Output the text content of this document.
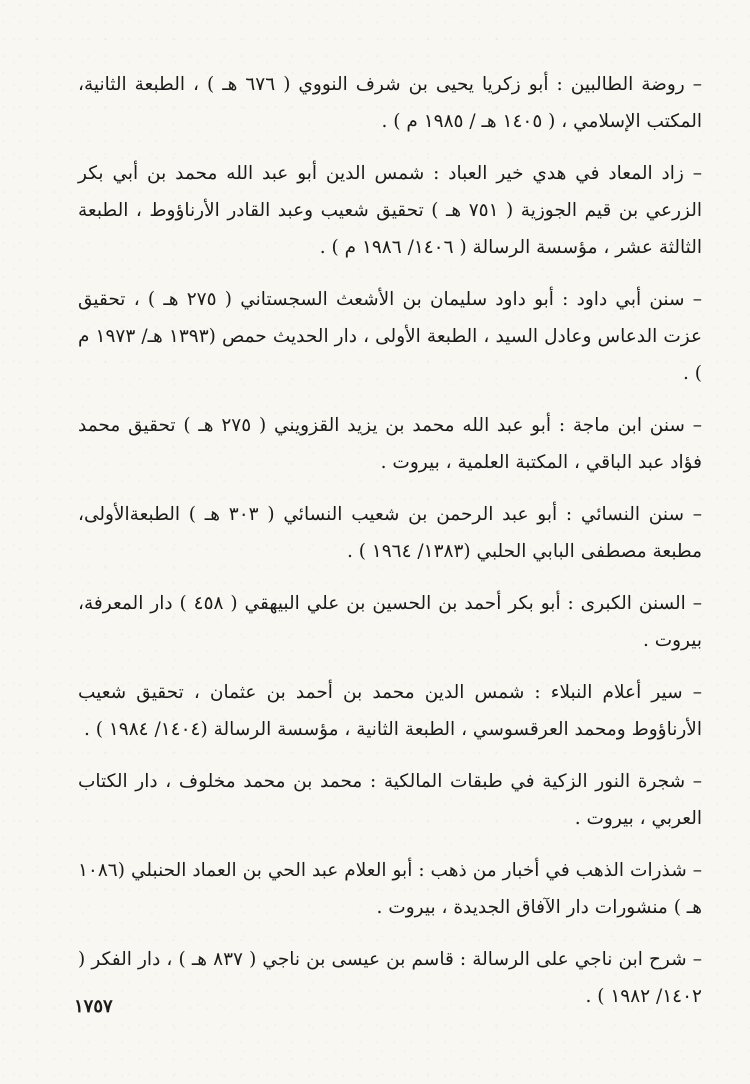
– روضة الطالبين : أبو زكريا يحيى بن شرف النووي ( ٦٧٦ هـ ) ، الطبعة الثانية، المكتب الإسلامي ، ( ١٤٠٥ هـ / ١٩٨٥ م ) .

– زاد المعاد في هدي خير العباد : شمس الدين أبو عبد الله محمد بن أبي بكر الزرعي بن قيم الجوزية ( ٧٥١ هـ ) تحقيق شعيب وعبد القادر الأرناؤوط ، الطبعة الثالثة عشر ، مؤسسة الرسالة ( ١٤٠٦/ ١٩٨٦ م ) .

– سنن أبي داود : أبو داود سليمان بن الأشعث السجستاني ( ٢٧٥ هـ ) ، تحقيق عزت الدعاس وعادل السيد ، الطبعة الأولى ، دار الحديث حمص (١٣٩٣ هـ/ ١٩٧٣ م ) .

– سنن ابن ماجة : أبو عبد الله محمد بن يزيد القزويني ( ٢٧٥ هـ ) تحقيق محمد فؤاد عبد الباقي ، المكتبة العلمية ، بيروت .

– سنن النسائي : أبو عبد الرحمن بن شعيب النسائي ( ٣٠٣ هـ ) الطبعةالأولى، مطبعة مصطفى البابي الحلبي (١٣٨٣/ ١٩٦٤ ) .

– السنن الكبرى : أبو بكر أحمد بن الحسين بن علي البيهقي ( ٤٥٨ ) دار المعرفة، بيروت .

– سير أعلام النبلاء : شمس الدين محمد بن أحمد بن عثمان ، تحقيق شعيب الأرناؤوط ومحمد العرقسوسي ، الطبعة الثانية ، مؤسسة الرسالة (١٤٠٤/ ١٩٨٤ ) .

– شجرة النور الزكية في طبقات المالكية : محمد بن محمد مخلوف ، دار الكتاب العربي ، بيروت .

– شذرات الذهب في أخبار من ذهب : أبو العلام عبد الحي بن العماد الحنبلي (١٠٨٦ هـ ) منشورات دار الآفاق الجديدة ، بيروت .

– شرح ابن ناجي على الرسالة : قاسم بن عيسى بن ناجي ( ٨٣٧ هـ ) ، دار الفكر ( ١٤٠٢/ ١٩٨٢ ) .

١٧٥٧
